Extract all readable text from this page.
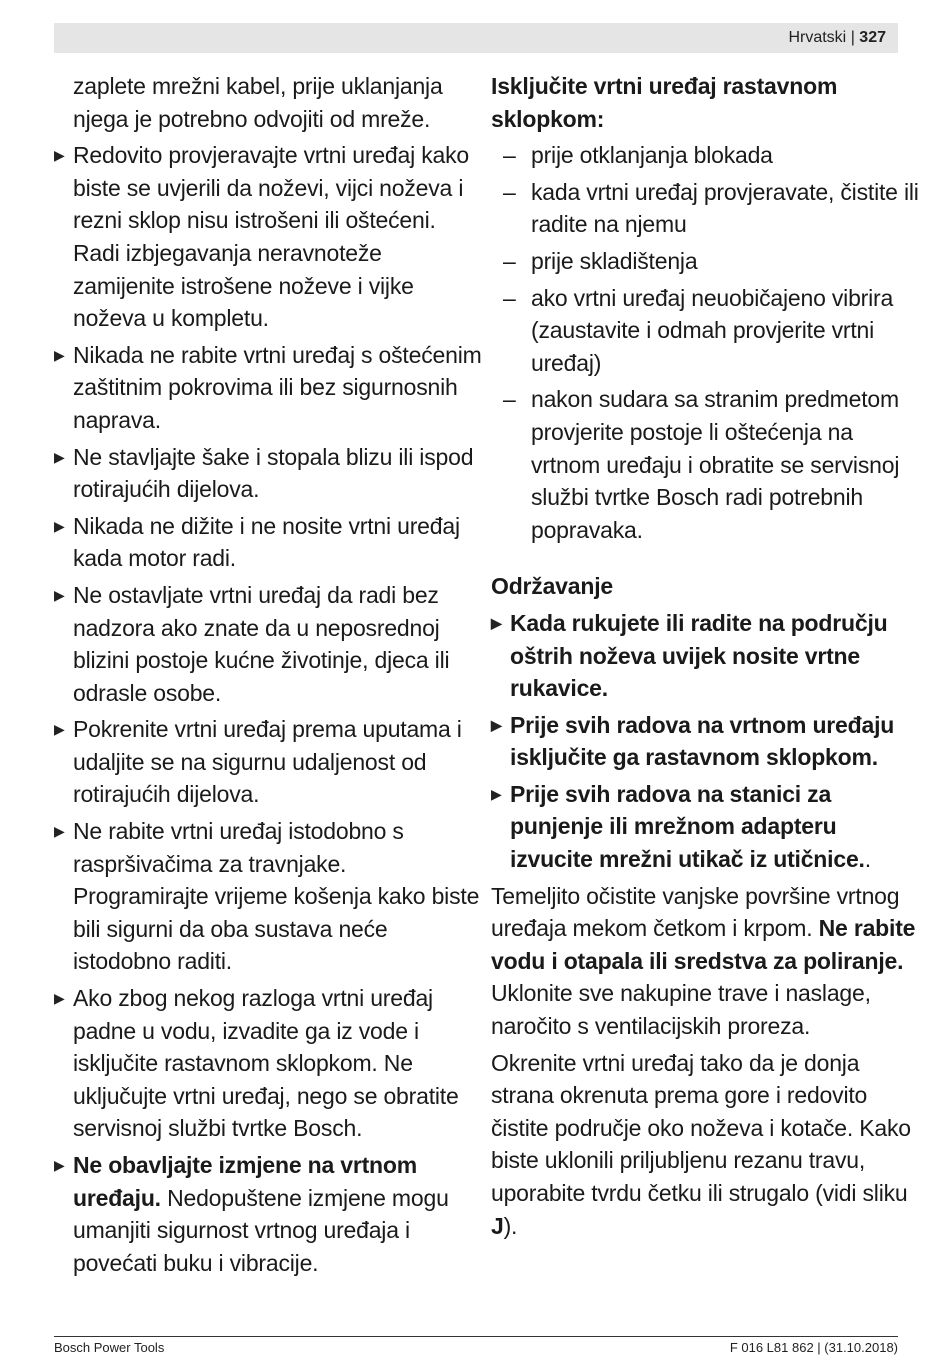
Hrvatski | 327
zaplete mrežni kabel, prije uklanjanja njega je potrebno odvojiti od mreže.
▶ Redovito provjeravajte vrtni uređaj kako biste se uvjerili da noževi, vijci noževa i rezni sklop nisu istrošeni ili oštećeni. Radi izbjegavanja neravnoteže zamijenite istrošene noževe i vijke noževa u kompletu.
▶ Nikada ne rabite vrtni uređaj s oštećenim zaštitnim pokrovima ili bez sigurnosnih naprava.
▶ Ne stavljajte šake i stopala blizu ili ispod rotirajućih dijelova.
▶ Nikada ne dižite i ne nosite vrtni uređaj kada motor radi.
▶ Ne ostavljate vrtni uređaj da radi bez nadzora ako znate da u neposrednoj blizini postoje kućne životinje, djeca ili odrasle osobe.
▶ Pokrenite vrtni uređaj prema uputama i udaljite se na sigurnu udaljenost od rotirajućih dijelova.
▶ Ne rabite vrtni uređaj istodobno s raspršivačima za travnjake. Programirajte vrijeme košenja kako biste bili sigurni da oba sustava neće istodobno raditi.
▶ Ako zbog nekog razloga vrtni uređaj padne u vodu, izvadite ga iz vode i isključite rastavnom sklopkom. Ne uključujte vrtni uređaj, nego se obratite servisnoj službi tvrtke Bosch.
▶ Ne obavljajte izmjene na vrtnom uređaju. Nedopuštene izmjene mogu umanjiti sigurnost vrtnog uređaja i povećati buku i vibracije.
Isključite vrtni uređaj rastavnom sklopkom:
– prije otklanjanja blokada
– kada vrtni uređaj provjeravate, čistite ili radite na njemu
– prije skladištenja
– ako vrtni uređaj neuobičajeno vibrira (zaustavite i odmah provjerite vrtni uređaj)
– nakon sudara sa stranim predmetom provjerite postoje li oštećenja na vrtnom uređaju i obratite se servisnoj službi tvrtke Bosch radi potrebnih popravaka.
Održavanje
▶ Kada rukujete ili radite na području oštrih noževa uvijek nosite vrtne rukavice.
▶ Prije svih radova na vrtnom uređaju isključite ga rastavnom sklopkom.
▶ Prije svih radova na stanici za punjenje ili mrežnom adapteru izvucite mrežni utikač iz utičnice..
Temeljito očistite vanjske površine vrtnog uređaja mekom četkom i krpom. Ne rabite vodu i otapala ili sredstva za poliranje. Uklonite sve nakupine trave i naslage, naročito s ventilacijskih proreza.
Okrenite vrtni uređaj tako da je donja strana okrenuta prema gore i redovito čistite područje oko noževa i kotače. Kako biste uklonili priljubljenu rezanu travu, uporabite tvrdu četku ili strugalo (vidi sliku J).
Bosch Power Tools	F 016 L81 862 | (31.10.2018)
